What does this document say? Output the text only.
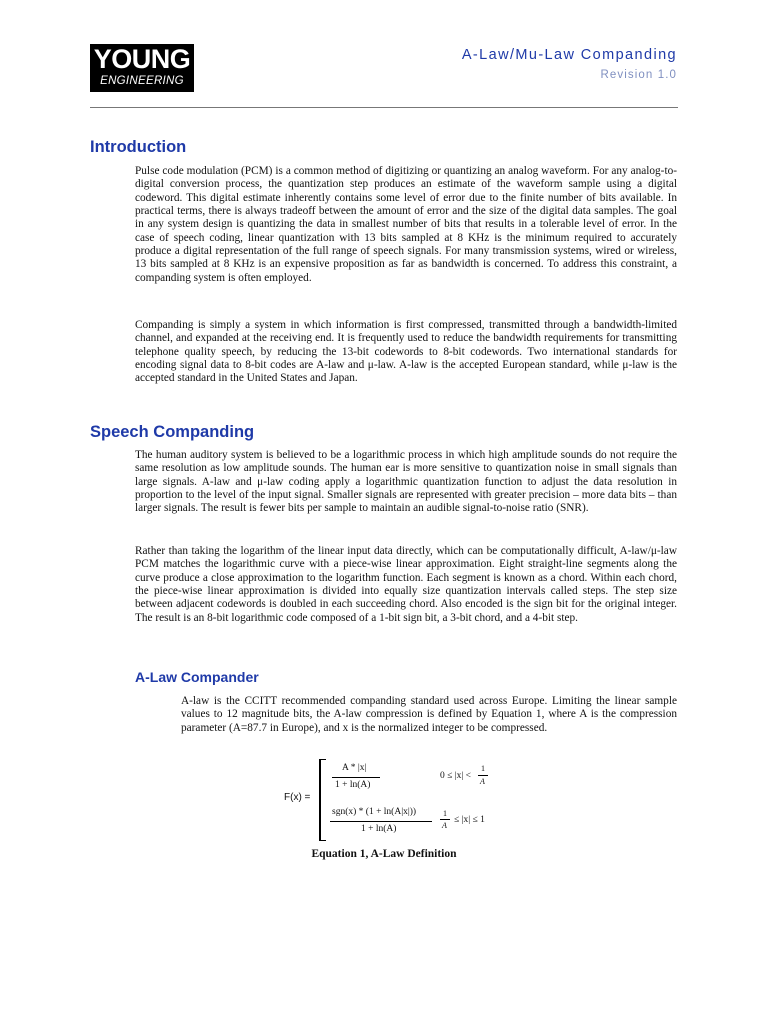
YOUNG
ENGINEERING
A-Law/Mu-Law Companding
Revision 1.0
Introduction

Pulse code modulation (PCM) is a common method of digitizing or quantizing an analog waveform. For any analog-to-digital conversion process, the quantization step produces an estimate of the waveform sample using a digital codeword. This digital estimate inherently contains some level of error due to the finite number of bits available. In practical terms, there is always tradeoff between the amount of error and the size of the digital data samples. The goal in any system design is quantizing the data in smallest number of bits that results in a tolerable level of error. In the case of speech coding, linear quantization with 13 bits sampled at 8 KHz is the minimum required to accurately produce a digital representation of the full range of speech signals. For many transmission systems, wired or wireless, 13 bits sampled at 8 KHz is an expensive proposition as far as bandwidth is concerned. To address this constraint, a companding system is often employed.

Companding is simply a system in which information is first compressed, transmitted through a bandwidth-limited channel, and expanded at the receiving end. It is frequently used to reduce the bandwidth requirements for transmitting telephone quality speech, by reducing the 13-bit codewords to 8-bit codewords. Two international standards for encoding signal data to 8-bit codes are A-law and μ-law. A-law is the accepted European standard, while μ-law is the accepted standard in the United States and Japan.

Speech Companding

The human auditory system is believed to be a logarithmic process in which high amplitude sounds do not require the same resolution as low amplitude sounds. The human ear is more sensitive to quantization noise in small signals than large signals. A-law and μ-law coding apply a logarithmic quantization function to adjust the data resolution in proportion to the level of the input signal. Smaller signals are represented with greater precision – more data bits – than larger signals. The result is fewer bits per sample to maintain an audible signal-to-noise ratio (SNR).

Rather than taking the logarithm of the linear input data directly, which can be computationally difficult, A-law/μ-law PCM matches the logarithmic curve with a piece-wise linear approximation. Eight straight-line segments along the curve produce a close approximation to the logarithm function. Each segment is known as a chord. Within each chord, the piece-wise linear approximation is divided into equally size quantization intervals called steps. The step size between adjacent codewords is doubled in each succeeding chord. Also encoded is the sign bit for the original integer. The result is an 8-bit logarithmic code composed of a 1-bit sign bit, a 3-bit chord, and a 4-bit step.

A-Law Compander

A-law is the CCITT recommended companding standard used across Europe. Limiting the linear sample values to 12 magnitude bits, the A-law compression is defined by Equation 1, where A is the compression parameter (A=87.7 in Europe), and x is the normalized integer to be compressed.

F(x) =
A * |x|
1 + ln(A)
0 ≤ |x| <
1
A
sgn(x) * (1 + ln(A|x|))
1 + ln(A)
1
A
≤ |x| ≤ 1
Equation 1, A-Law Definition
